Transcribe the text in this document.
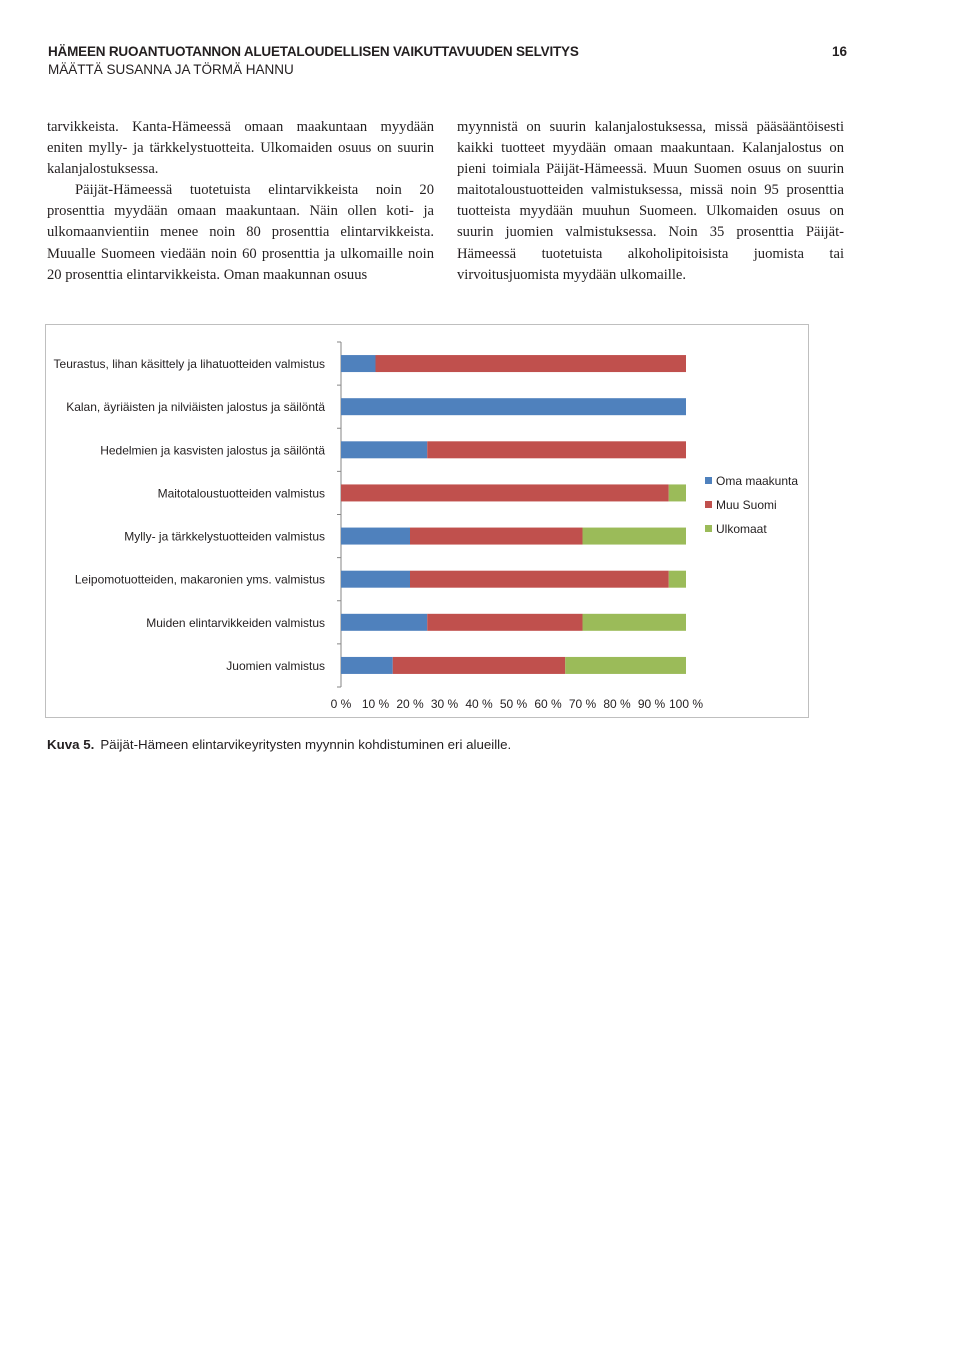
HÄMEEN RUOANTUOTANNON ALUETALOUDELLISEN VAIKUTTAVUUDEN SELVITYS
MÄÄTTÄ SUSANNA JA TÖRMÄ HANNU
16

tarvikkeista. Kanta-Hämeessä omaan maakuntaan myydään eniten mylly- ja tärkkelystuotteita. Ulkomaiden osuus on suurin kalanjalostuksessa.

Päijät-Hämeessä tuotetuista elintarvikkeista noin 20 prosenttia myydään omaan maakuntaan. Näin ollen koti- ja ulkomaanvientiin menee noin 80 prosenttia elintarvikkeista. Muualle Suomeen viedään noin 60 prosenttia ja ulkomaille noin 20 prosenttia elintarvikkeista. Oman maakunnan osuus

myynnistä on suurin kalanjalostuksessa, missä pääsääntöisesti kaikki tuotteet myydään omaan maakuntaan. Kalanjalostus on pieni toimiala Päijät-Hämeessä. Muun Suomen osuus on suurin maitotaloustuotteiden valmistuksessa, missä noin 95 prosenttia tuotteista myydään muuhun Suomeen. Ulkomaiden osuus on suurin juomien valmistuksessa. Noin 35 prosenttia Päijät-Hämeessä tuotetuista alkoholipitoisista juomista tai virvoitusjuomista myydään ulkomaille.

Teurastus, lihan käsittely ja lihatuotteiden valmistus
Kalan, äyriäisten ja nilviäisten jalostus ja säilöntä
Hedelmien ja kasvisten jalostus ja säilöntä
Maitotaloustuotteiden valmistus
Mylly- ja tärkkelystuotteiden valmistus
Leipomotuotteiden, makaronien yms. valmistus
Muiden elintarvikkeiden valmistus
Juomien valmistus
0 % 10 % 20 % 30 % 40 % 50 % 60 % 70 % 80 % 90 % 100 %
Oma maakunta
Muu Suomi
Ulkomaat
Kuva 5. Päijät-Hämeen elintarvikeyritysten myynnin kohdistuminen eri alueille.
